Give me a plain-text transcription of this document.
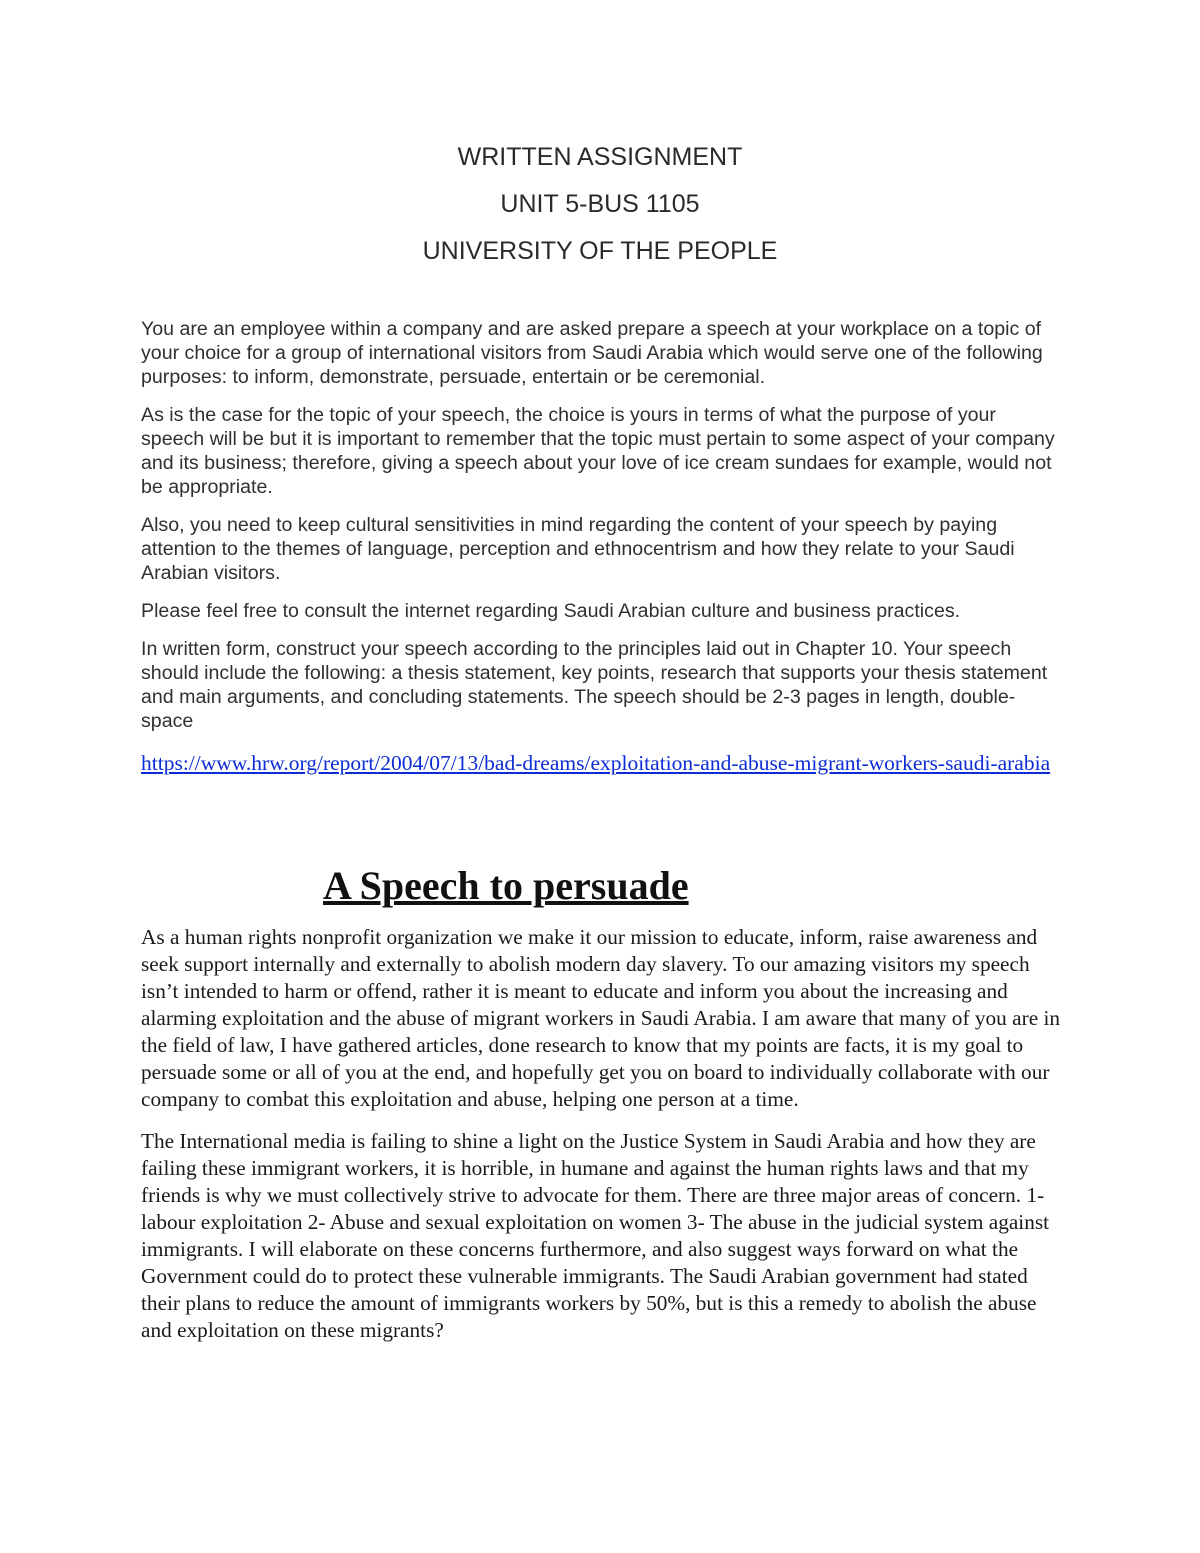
WRITTEN ASSIGNMENT
UNIT 5-BUS 1105
UNIVERSITY OF THE PEOPLE

You are an employee within a company and are asked prepare a speech at your workplace on a topic of your choice for a group of international visitors from Saudi Arabia which would serve one of the following purposes: to inform, demonstrate, persuade, entertain or be ceremonial.

As is the case for the topic of your speech, the choice is yours in terms of what the purpose of your speech will be but it is important to remember that the topic must pertain to some aspect of your company and its business; therefore, giving a speech about your love of ice cream sundaes for example, would not be appropriate.

Also, you need to keep cultural sensitivities in mind regarding the content of your speech by paying attention to the themes of language, perception and ethnocentrism and how they relate to your Saudi Arabian visitors.

Please feel free to consult the internet regarding Saudi Arabian culture and business practices.

In written form, construct your speech according to the principles laid out in Chapter 10. Your speech should include the following: a thesis statement, key points, research that supports your thesis statement and main arguments, and concluding statements. The speech should be 2-3 pages in length, double-space

https://www.hrw.org/report/2004/07/13/bad-dreams/exploitation-and-abuse-migrant-workers-saudi-arabia
A Speech to persuade

As a human rights nonprofit organization we make it our mission to educate, inform, raise awareness and seek support internally and externally to abolish modern day slavery. To our amazing visitors my speech isn’t intended to harm or offend, rather it is meant to educate and inform you about the increasing and alarming exploitation and the abuse of migrant workers in Saudi Arabia. I am aware that many of you are in the field of law, I have gathered articles, done research to know that my points are facts, it is my goal to persuade some or all of you at the end, and hopefully get you on board to individually collaborate with our company to combat this exploitation and abuse, helping one person at a time.

The International media is failing to shine a light on the Justice System in Saudi Arabia and how they are failing these immigrant workers, it is horrible, in humane and against the human rights laws and that my friends is why we must collectively strive to advocate for them. There are three major areas of concern. 1-labour exploitation 2- Abuse and sexual exploitation on women 3- The abuse in the judicial system against immigrants. I will elaborate on these concerns furthermore, and also suggest ways forward on what the Government could do to protect these vulnerable immigrants. The Saudi Arabian government had stated their plans to reduce the amount of immigrants workers by 50%, but is this a remedy to abolish the abuse and exploitation on these migrants?
